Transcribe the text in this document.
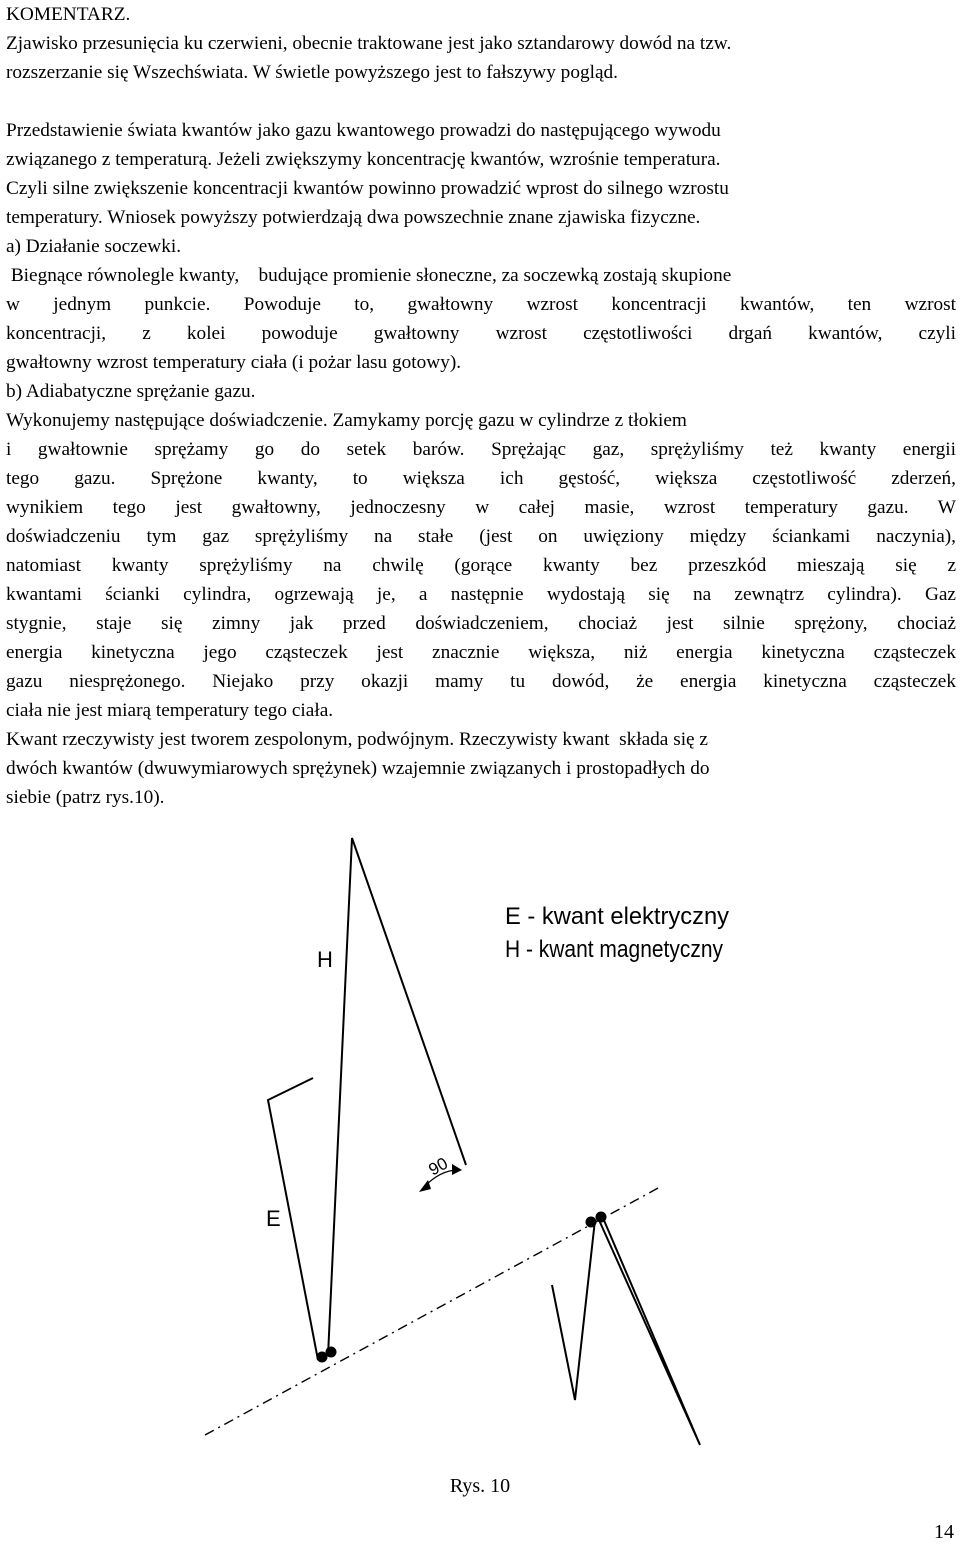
KOMENTARZ.
Zjawisko przesunięcia ku czerwieni, obecnie traktowane jest jako sztandarowy dowód na tzw.
rozszerzanie się Wszechświata. W świetle powyższego jest to fałszywy pogląd.
Przedstawienie świata kwantów jako gazu kwantowego prowadzi do następującego wywodu
związanego z temperaturą. Jeżeli zwiększymy koncentrację kwantów, wzrośnie temperatura.
Czyli silne zwiększenie koncentracji kwantów powinno prowadzić wprost do silnego wzrostu
temperatury. Wniosek powyższy potwierdzają dwa powszechnie znane zjawiska fizyczne.
a) Działanie soczewki.
Biegnące równolegle kwanty,    budujące promienie słoneczne, za soczewką zostają skupione
w jednym punkcie. Powoduje to, gwałtowny wzrost koncentracji kwantów, ten wzrost
koncentracji, z kolei powoduje gwałtowny wzrost częstotliwości drgań kwantów, czyli
gwałtowny wzrost temperatury ciała (i pożar lasu gotowy).
b) Adiabatyczne sprężanie gazu.
Wykonujemy następujące doświadczenie. Zamykamy porcję gazu w cylindrze z tłokiem
i gwałtownie sprężamy go do setek barów. Sprężając gaz, sprężyliśmy też kwanty energii
tego gazu. Sprężone kwanty, to większa ich gęstość, większa częstotliwość zderzeń,
wynikiem tego jest gwałtowny, jednoczesny w całej masie, wzrost temperatury gazu. W
doświadczeniu tym gaz sprężyliśmy na stałe (jest on uwięziony między ściankami naczynia),
natomiast kwanty sprężyliśmy na chwilę (gorące kwanty bez przeszkód mieszają się z
kwantami ścianki cylindra, ogrzewają je, a następnie wydostają się na zewnątrz cylindra). Gaz
stygnie, staje się zimny jak przed doświadczeniem, chociaż jest silnie sprężony, chociaż
energia kinetyczna jego cząsteczek jest znacznie większa, niż energia kinetyczna cząsteczek
gazu niesprężonego. Niejako przy okazji mamy tu dowód, że energia kinetyczna cząsteczek
ciała nie jest miarą temperatury tego ciała.
Kwant rzeczywisty jest tworem zespolonym, podwójnym. Rzeczywisty kwant  składa się z
dwóch kwantów (dwuwymiarowych sprężynek) wzajemnie związanych i prostopadłych do
siebie (patrz rys.10).
H
E
90
E - kwant elektryczny
H - kwant magnetyczny
Rys. 10
14
